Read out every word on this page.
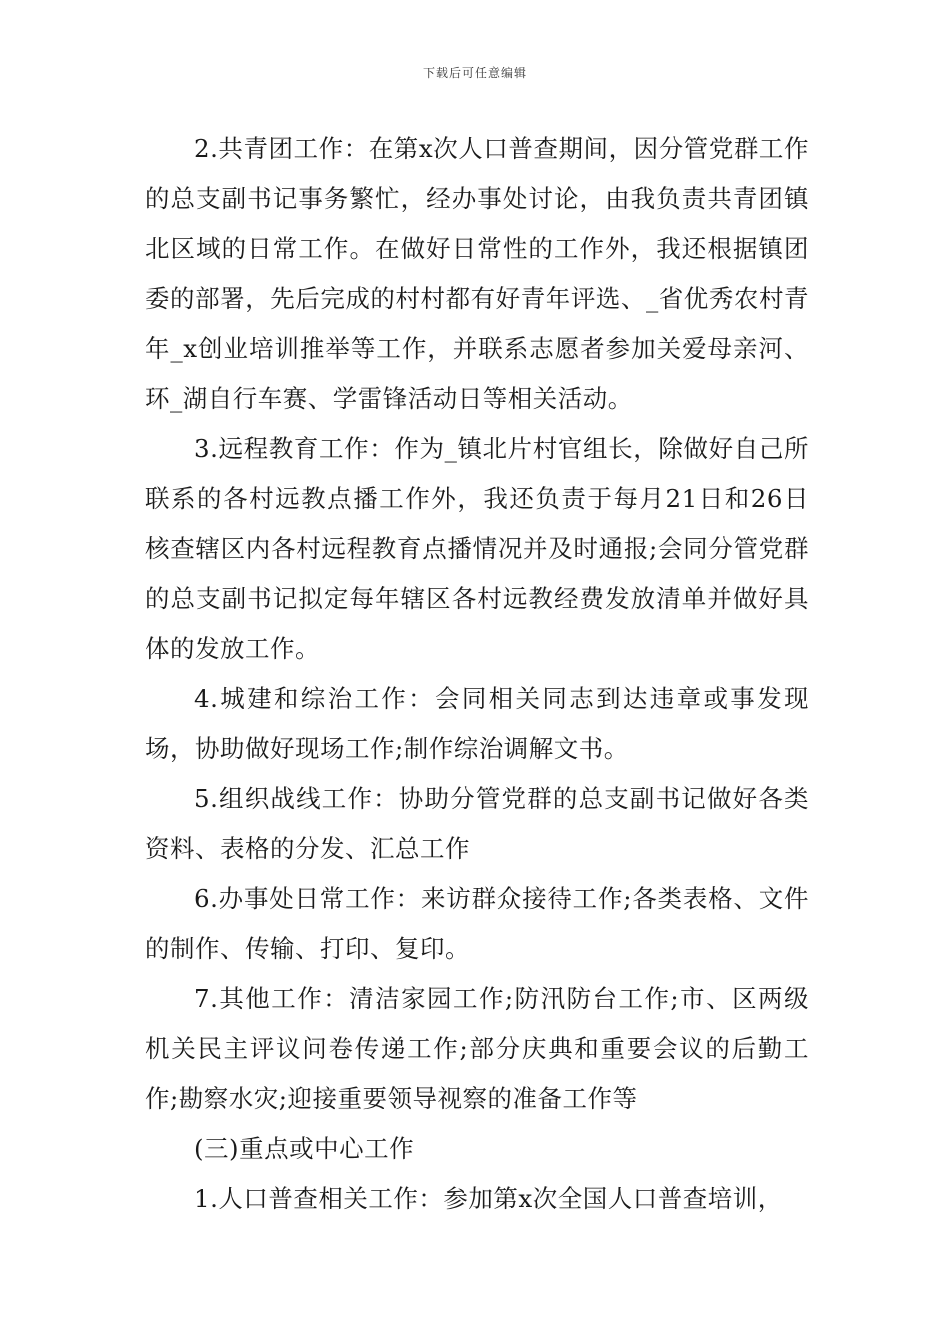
下载后可任意编辑

2.共青团工作：在第x次人口普查期间，因分管党群工作的总支副书记事务繁忙，经办事处讨论，由我负责共青团镇北区域的日常工作。在做好日常性的工作外，我还根据镇团委的部署，先后完成的村村都有好青年评选、_省优秀农村青年_x创业培训推举等工作，并联系志愿者参加关爱母亲河、环_湖自行车赛、学雷锋活动日等相关活动。

3.远程教育工作：作为_镇北片村官组长，除做好自己所联系的各村远教点播工作外，我还负责于每月21日和26日核查辖区内各村远程教育点播情况并及时通报;会同分管党群的总支副书记拟定每年辖区各村远教经费发放清单并做好具体的发放工作。

4.城建和综治工作：会同相关同志到达违章或事发现场，协助做好现场工作;制作综治调解文书。

5.组织战线工作：协助分管党群的总支副书记做好各类资料、表格的分发、汇总工作

6.办事处日常工作：来访群众接待工作;各类表格、文件的制作、传输、打印、复印。

7.其他工作：清洁家园工作;防汛防台工作;市、区两级机关民主评议问卷传递工作;部分庆典和重要会议的后勤工作;勘察水灾;迎接重要领导视察的准备工作等

(三)重点或中心工作

1.人口普查相关工作：参加第x次全国人口普查培训，
